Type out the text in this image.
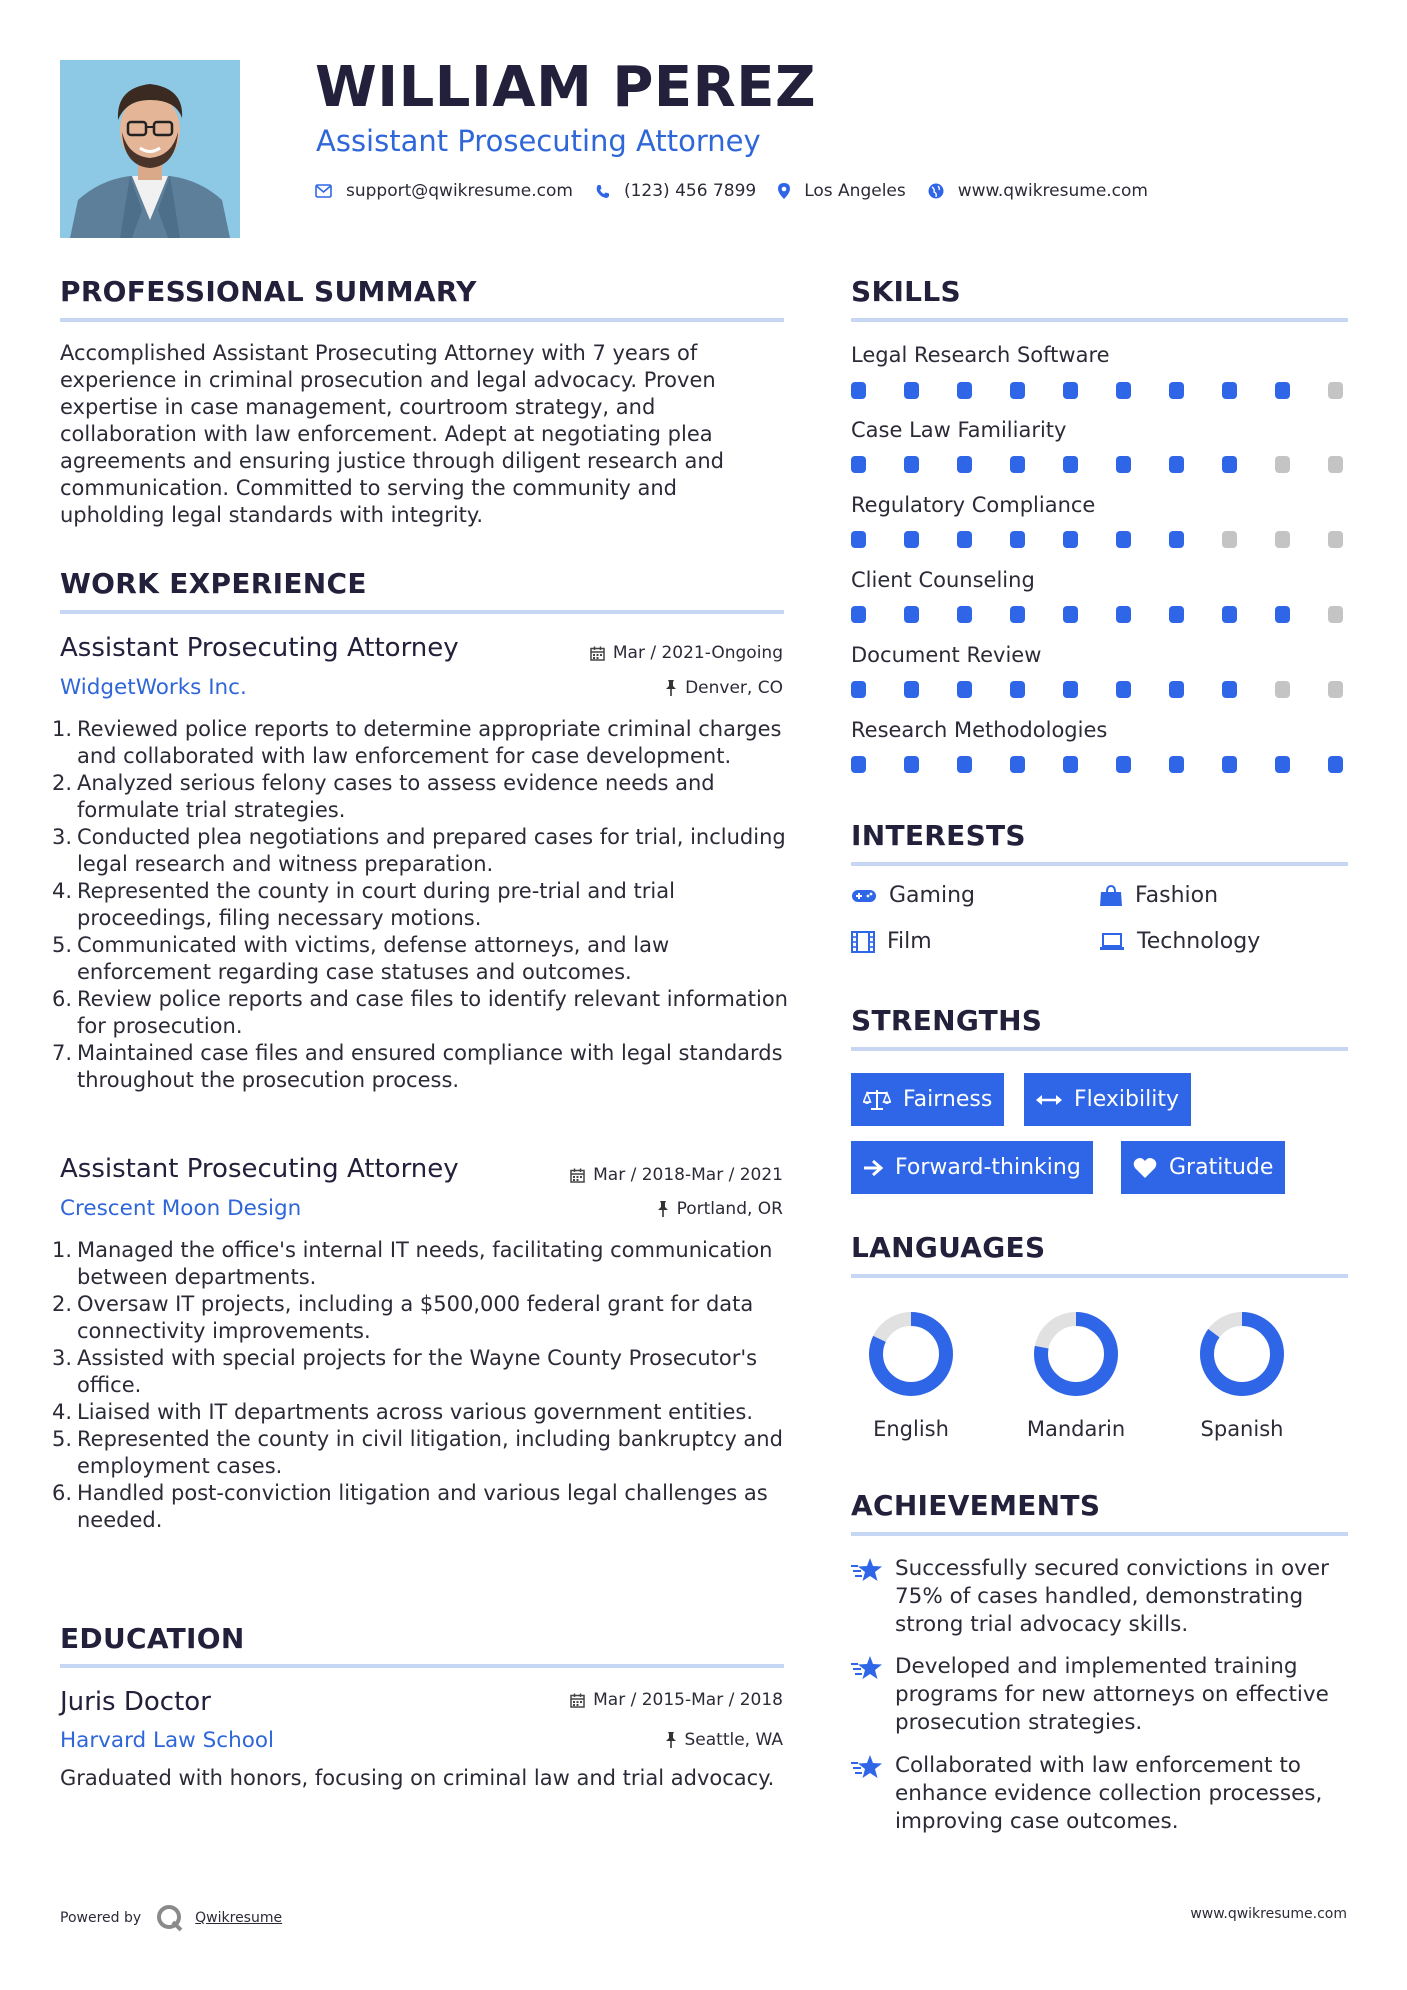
WILLIAM PEREZ
Assistant Prosecuting Attorney
support@qwikresume.com	(123) 456 7899	Los Angeles	www.qwikresume.com
PROFESSIONAL SUMMARY
Accomplished Assistant Prosecuting Attorney with 7 years of experience in criminal prosecution and legal advocacy. Proven expertise in case management, courtroom strategy, and collaboration with law enforcement. Adept at negotiating plea agreements and ensuring justice through diligent research and communication. Committed to serving the community and upholding legal standards with integrity.
WORK EXPERIENCE
Assistant Prosecuting Attorney	Mar / 2021-Ongoing
WidgetWorks Inc.	Denver, CO
1. Reviewed police reports to determine appropriate criminal charges and collaborated with law enforcement for case development.
2. Analyzed serious felony cases to assess evidence needs and formulate trial strategies.
3. Conducted plea negotiations and prepared cases for trial, including legal research and witness preparation.
4. Represented the county in court during pre-trial and trial proceedings, filing necessary motions.
5. Communicated with victims, defense attorneys, and law enforcement regarding case statuses and outcomes.
6. Review police reports and case files to identify relevant information for prosecution.
7. Maintained case files and ensured compliance with legal standards throughout the prosecution process.
Assistant Prosecuting Attorney	Mar / 2018-Mar / 2021
Crescent Moon Design	Portland, OR
1. Managed the office's internal IT needs, facilitating communication between departments.
2. Oversaw IT projects, including a $500,000 federal grant for data connectivity improvements.
3. Assisted with special projects for the Wayne County Prosecutor's office.
4. Liaised with IT departments across various government entities.
5. Represented the county in civil litigation, including bankruptcy and employment cases.
6. Handled post-conviction litigation and various legal challenges as needed.
EDUCATION
Juris Doctor	Mar / 2015-Mar / 2018
Harvard Law School	Seattle, WA
Graduated with honors, focusing on criminal law and trial advocacy.
SKILLS
Legal Research Software
Case Law Familiarity
Regulatory Compliance
Client Counseling
Document Review
Research Methodologies
INTERESTS
Gaming	Fashion
Film	Technology
STRENGTHS
Fairness	Flexibility
Forward-thinking	Gratitude
LANGUAGES
English	Mandarin	Spanish
ACHIEVEMENTS
Successfully secured convictions in over 75% of cases handled, demonstrating strong trial advocacy skills.
Developed and implemented training programs for new attorneys on effective prosecution strategies.
Collaborated with law enforcement to enhance evidence collection processes, improving case outcomes.
Powered by	Qwikresume	www.qwikresume.com
